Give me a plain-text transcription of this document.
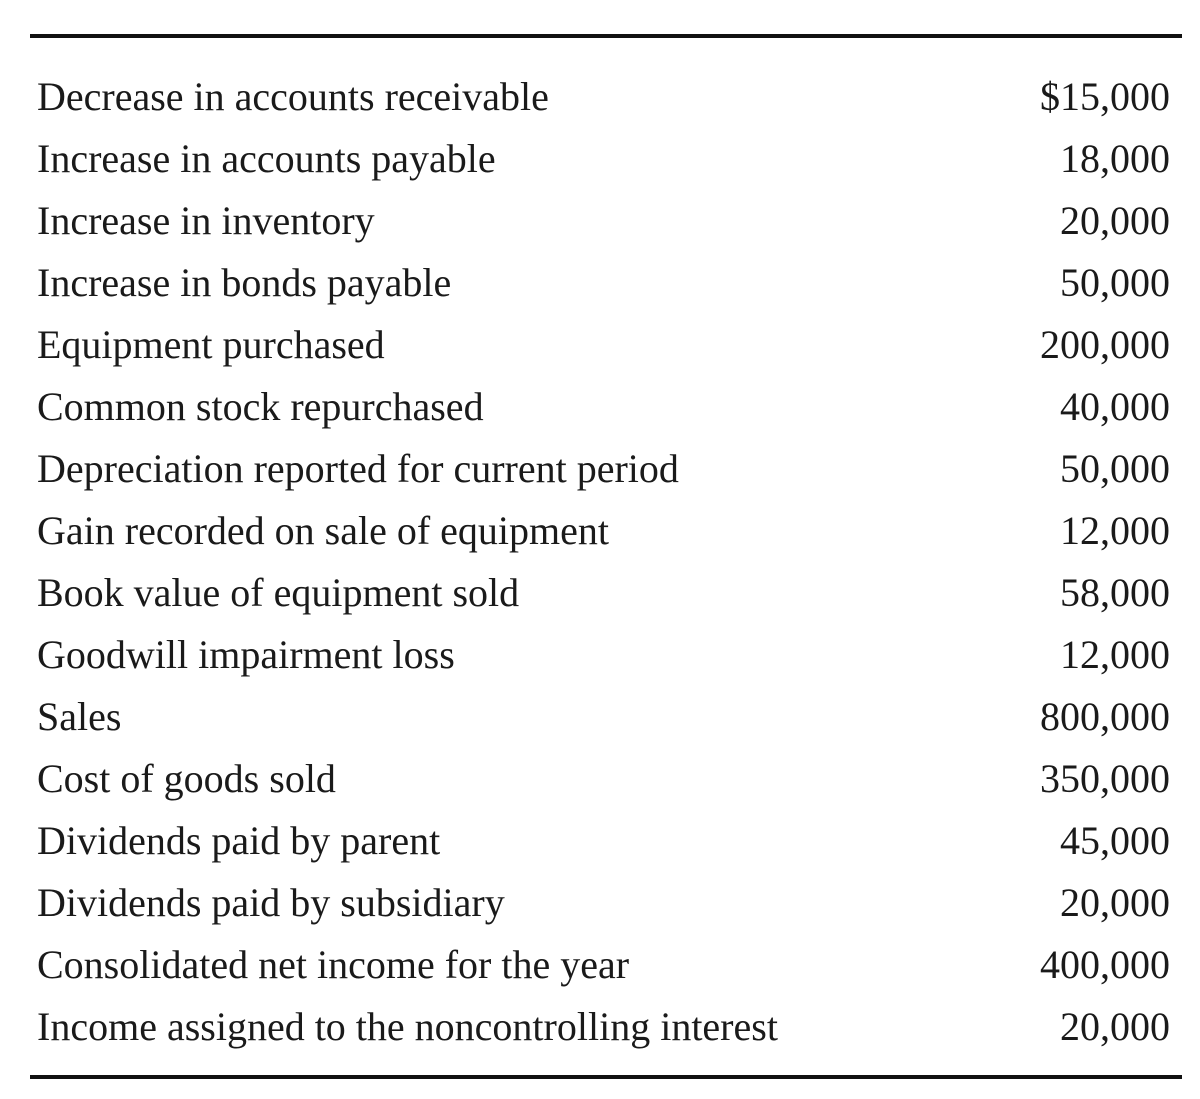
Decrease in accounts receivable	$15,000
Increase in accounts payable	18,000
Increase in inventory	20,000
Increase in bonds payable	50,000
Equipment purchased	200,000
Common stock repurchased	40,000
Depreciation reported for current period	50,000
Gain recorded on sale of equipment	12,000
Book value of equipment sold	58,000
Goodwill impairment loss	12,000
Sales	800,000
Cost of goods sold	350,000
Dividends paid by parent	45,000
Dividends paid by subsidiary	20,000
Consolidated net income for the year	400,000
Income assigned to the noncontrolling interest	20,000
